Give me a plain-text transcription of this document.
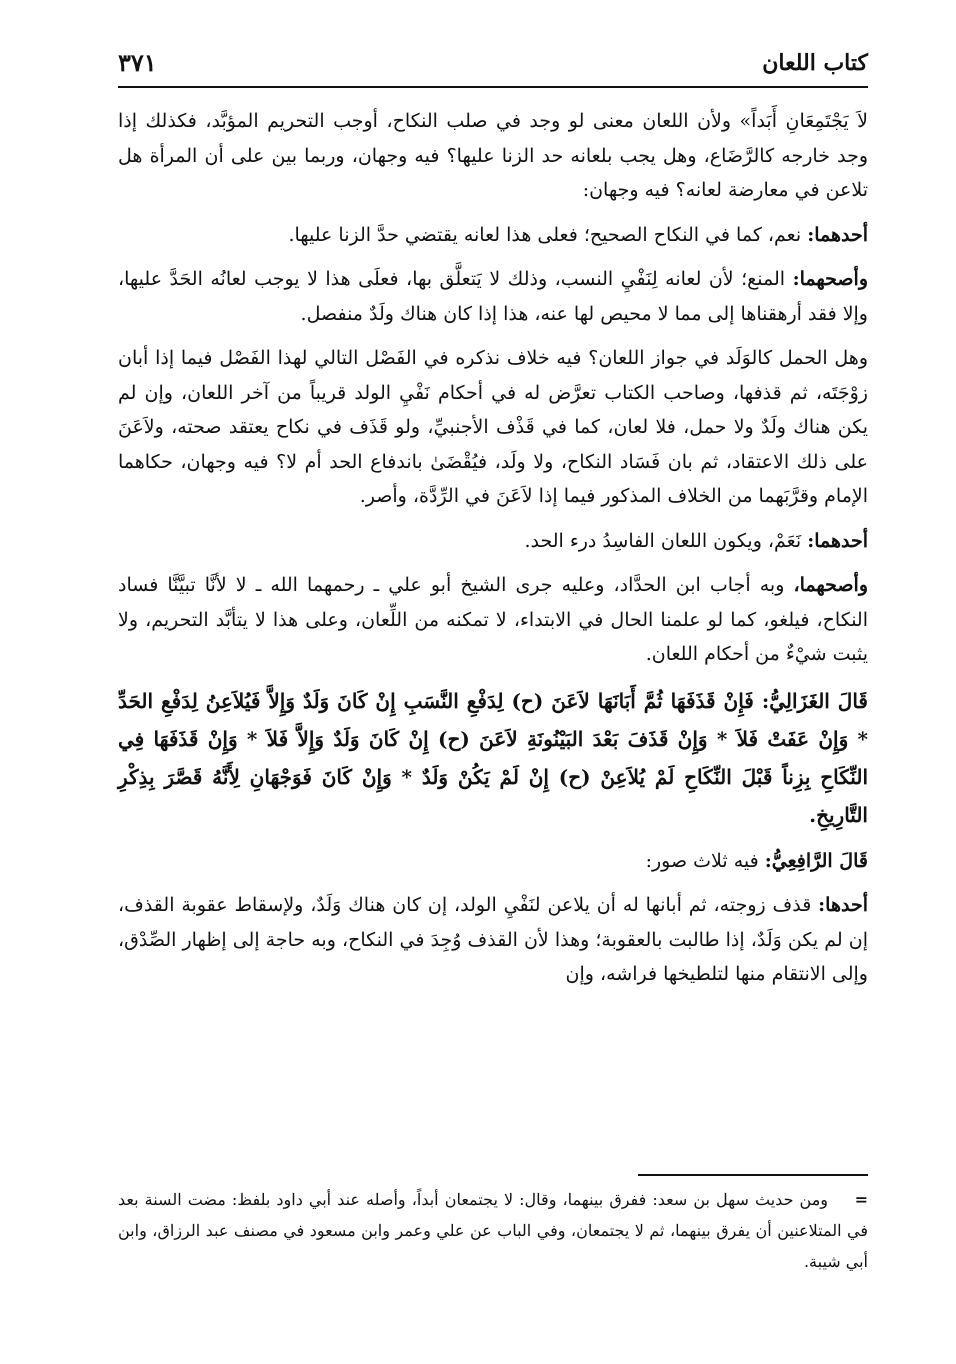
كتاب اللعان
٣٧١

لاَ يَجْتَمِعَانِ أَبَداً» ولأن اللعان معنى لو وجد في صلب النكاح، أوجب التحريم المؤبَّد، فكذلك إذا وجد خارجه كالرَّضَاع، وهل يجب بلعانه حد الزنا عليها؟ فيه وجهان، وربما بين على أن المرأة هل تلاعن في معارضة لعانه؟ فيه وجهان:

أحدهما: نعم، كما في النكاح الصحيح؛ فعلى هذا لعانه يقتضي حدَّ الزنا عليها.

وأصحهما: المنع؛ لأن لعانه لِنَفْيِ النسب، وذلك لا يَتعلَّق بها، فعلَى هذا لا يوجب لعانُه الحَدَّ عليها، وإلا فقد أرهقناها إلى مما لا محيص لها عنه، هذا إذا كان هناك ولَدٌ منفصل.

وهل الحمل كالوَلَد في جواز اللعان؟ فيه خلاف نذكره في الفَصْل التالي لهذا الفَصْل فيما إذا أبان زوْجَتَه، ثم قذفها، وصاحب الكتاب تعرَّض له في أحكام نَفْيِ الولد قريباً من آخر اللعان، وإن لم يكن هناك ولَدٌ ولا حمل، فلا لعان، كما في قَذْف الأجنبيِّ، ولو قَذَف في نكاح يعتقد صحته، ولاَعَنَ على ذلك الاعتقاد، ثم بان فَسَاد النكاح، ولا ولَد، فيُقْضَىٰ باندفاع الحد أم لا؟ فيه وجهان، حكاهما الإمام وقرَّبَهما من الخلاف المذكور فيما إذا لاَعَنَ في الرِّدَّة، وأصر.

أحدهما: نَعَمْ، ويكون اللعان الفاسِدُ درء الحد.

وأصحهما، وبه أجاب ابن الحدَّاد، وعليه جرى الشيخ أبو علي ـ رحمهما الله ـ لا لأنَّا تبيَّنَّا فساد النكاح، فيلغو، كما لو علمنا الحال في الابتداء، لا تمكنه من اللِّعان، وعلى هذا لا يتأبَّد التحريم، ولا يثبت شيْءٌ من أحكام اللعان.

قَالَ الغَزَالِيُّ: فَإِنْ قَذَفَهَا ثُمَّ أَبَانَهَا لاَعَنَ (ح) لِدَفْعِ النَّسَبِ إِنْ كَانَ وَلَدٌ وَإِلاَّ فَيُلاَعِنُ لِدَفْعِ الحَدِّ * وَإِنْ عَفَتْ فَلاَ * وَإِنْ قَذَفَ بَعْدَ البَيْنُونَةِ لاَعَنَ (ح) إِنْ كَانَ وَلَدٌ وَإِلاَّ فَلاَ * وَإِنْ قَذَفَهَا فِي النِّكَاحِ بِزِناً قَبْلَ النِّكَاحِ لَمْ يُلاَعِنْ (ح) إِنْ لَمْ يَكُنْ وَلَدٌ * وَإِنْ كَانَ فَوَجْهَانِ لِأَنَّهُ قَصَّرَ بِذِكْرِ التَّارِيخِ.

قَالَ الرَّافِعِيُّ: فيه ثلاث صور:

أحدها: قذف زوجته، ثم أبانها له أن يلاعن لنَفْيِ الولد، إن كان هناك وَلَدٌ، ولإسقاط عقوبة القذف، إن لم يكن وَلَدٌ، إذا طالبت بالعقوبة؛ وهذا لأن القذف وُجِدَ في النكاح، وبه حاجة إلى إظهار الصِّدْق، وإلى الانتقام منها لتلطيخها فراشه، وإن

=ومن حديث سهل بن سعد: ففرق بينهما، وقال: لا يجتمعان أبداً، وأصله عند أبي داود بلفظ: مضت السنة بعد في المتلاعنين أن يفرق بينهما، ثم لا يجتمعان، وفي الباب عن علي وعمر وابن مسعود في مصنف عبد الرزاق، وابن أبي شيبة.
